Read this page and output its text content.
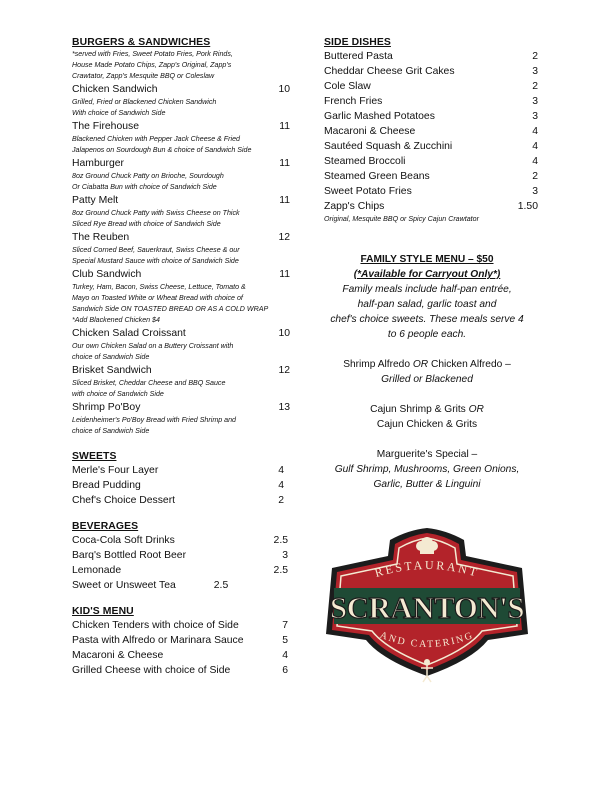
BURGERS & SANDWICHES
*served with Fries, Sweet Potato Fries, Pork Rinds,
House Made Potato Chips, Zapp's Original, Zapp's
Crawtator, Zapp's Mesquite BBQ or Coleslaw
Chicken Sandwich	10
Grilled, Fried or Blackened Chicken Sandwich
With choice of Sandwich Side
The Firehouse	11
Blackened Chicken with Pepper Jack Cheese & Fried
Jalapenos on Sourdough Bun & choice of Sandwich Side
Hamburger	11
8oz Ground Chuck Patty on Brioche, Sourdough
Or Ciabatta Bun with choice of Sandwich Side
Patty Melt	11
8oz Ground Chuck Patty with Swiss Cheese on Thick
Sliced Rye Bread with choice of Sandwich Side
The Reuben	12
Sliced Corned Beef, Sauerkraut, Swiss Cheese & our
Special Mustard Sauce with choice of Sandwich Side
Club Sandwich	11
Turkey, Ham, Bacon, Swiss Cheese, Lettuce, Tomato &
Mayo on Toasted White or Wheat Bread with choice of
Sandwich Side ON TOASTED BREAD OR AS A COLD WRAP
*Add Blackened Chicken $4
Chicken Salad Croissant	10
Our own Chicken Salad on a Buttery Croissant with
choice of Sandwich Side
Brisket Sandwich	12
Sliced Brisket, Cheddar Cheese and BBQ Sauce
with choice of Sandwich Side
Shrimp Po'Boy	13
Leidenheimer's Po'Boy Bread with Fried Shrimp and
choice of Sandwich Side
SWEETS
Merle's Four Layer	4
Bread Pudding	4
Chef's Choice Dessert	2
BEVERAGES
Coca-Cola Soft Drinks	2.5
Barq's Bottled Root Beer	3
Lemonade	2.5
Sweet or Unsweet Tea	2.5
KID'S MENU
Chicken Tenders with choice of Side	7
Pasta with Alfredo or Marinara Sauce	5
Macaroni & Cheese	4
Grilled Cheese with choice of Side	6
SIDE DISHES
Buttered Pasta	2
Cheddar Cheese Grit Cakes	3
Cole Slaw	2
French Fries	3
Garlic Mashed Potatoes	3
Macaroni & Cheese	4
Sautéed Squash & Zucchini	4
Steamed Broccoli	4
Steamed Green Beans	2
Sweet Potato Fries	3
Zapp's Chips	1.50
Original, Mesquite BBQ or Spicy Cajun Crawtator
FAMILY STYLE MENU – $50
(*Available for Carryout Only*)
Family meals include half-pan entrée,
half-pan salad, garlic toast and
chef's choice sweets. These meals serve 4
to 6 people each.
Shrimp Alfredo OR Chicken Alfredo –
Grilled or Blackened
Cajun Shrimp & Grits OR
Cajun Chicken & Grits
Marguerite's Special –
Gulf Shrimp, Mushrooms, Green Onions,
Garlic, Butter & Linguini
RESTAURANT
SCRANTON'S
AND CATERING
